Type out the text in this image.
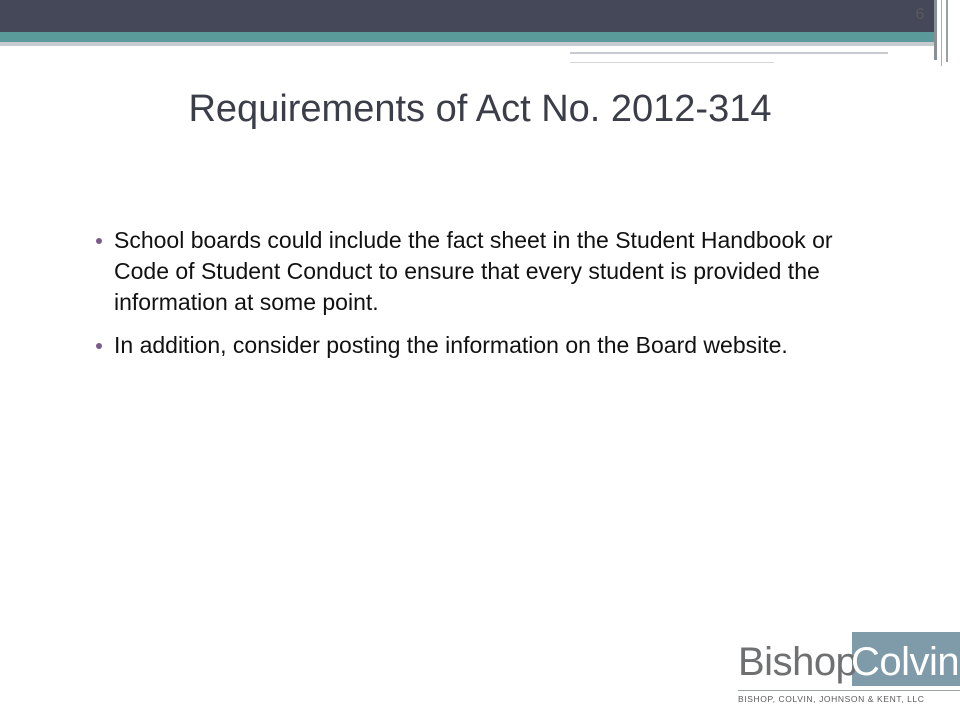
6
Requirements of Act No. 2012-314
School boards could include the fact sheet in the Student Handbook or Code of Student Conduct to ensure that every student is provided the information at some point.
In addition, consider posting the information on the Board website.
Bishop
Colvin
BISHOP, COLVIN, JOHNSON & KENT, LLC
